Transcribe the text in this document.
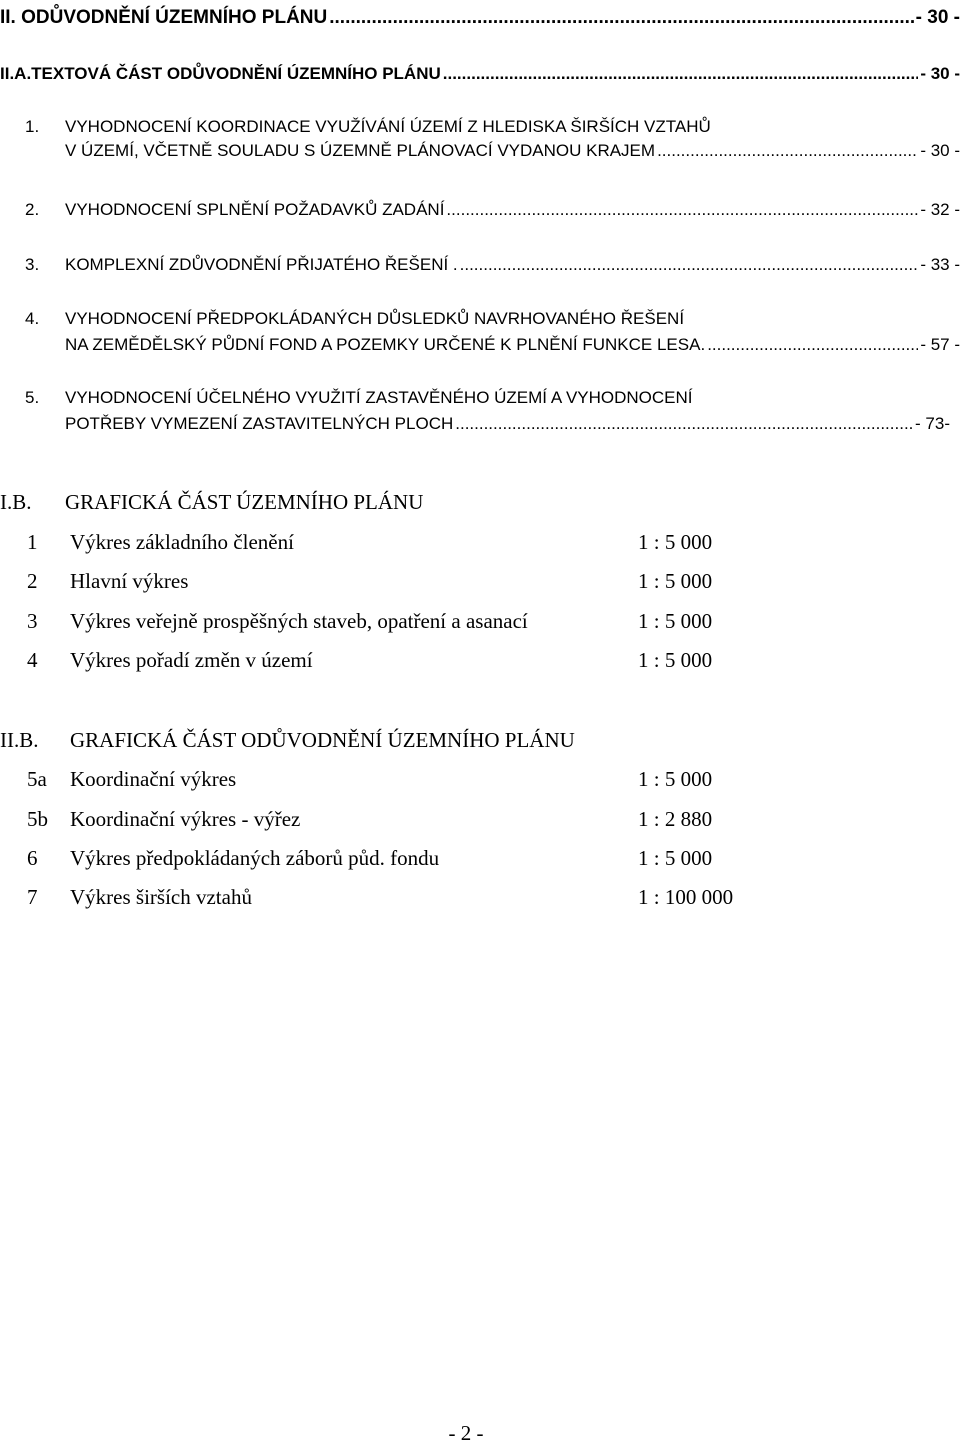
II. ODŮVODNĚNÍ ÚZEMNÍHO PLÁNU .....	- 30 -
II.A.TEXTOVÁ ČÁST ODŮVODNĚNÍ ÚZEMNÍHO PLÁNU .....	- 30 -
1. VYHODNOCENÍ KOORDINACE VYUŽÍVÁNÍ ÚZEMÍ Z HLEDISKA ŠIRŠÍCH VZTAHŮ
V ÚZEMÍ, VČETNĚ SOULADU S ÚZEMNĚ PLÁNOVACÍ VYDANOU KRAJEM .....	- 30 -
2. VYHODNOCENÍ SPLNĚNÍ POŽADAVKŮ ZADÁNÍ .....	- 32 -
3. KOMPLEXNÍ ZDŮVODNĚNÍ PŘIJATÉHO ŘEŠENÍ . .....	- 33 -
4. VYHODNOCENÍ PŘEDPOKLÁDANÝCH DŮSLEDKŮ NAVRHOVANÉHO ŘEŠENÍ
NA ZEMĚDĚLSKÝ PŮDNÍ FOND A POZEMKY URČENÉ K PLNĚNÍ FUNKCE LESA. .....	- 57 -
5. VYHODNOCENÍ ÚČELNÉHO VYUŽITÍ ZASTAVĚNÉHO ÚZEMÍ A VYHODNOCENÍ
POTŘEBY VYMEZENÍ ZASTAVITELNÝCH PLOCH .....	- 73-
I.B. GRAFICKÁ ČÁST ÚZEMNÍHO PLÁNU
1 Výkres základního členění	1 : 5 000
2 Hlavní výkres	1 : 5 000
3 Výkres veřejně prospěšných staveb, opatření a asanací	1 : 5 000
4 Výkres pořadí změn v území	1 : 5 000
II.B. GRAFICKÁ ČÁST ODŮVODNĚNÍ ÚZEMNÍHO PLÁNU
5a Koordinační výkres	1 : 5 000
5b Koordinační výkres - výřez	1 : 2 880
6 Výkres předpokládaných záborů půd. fondu	1 : 5 000
7 Výkres širších vztahů	1 : 100 000
- 2 -
